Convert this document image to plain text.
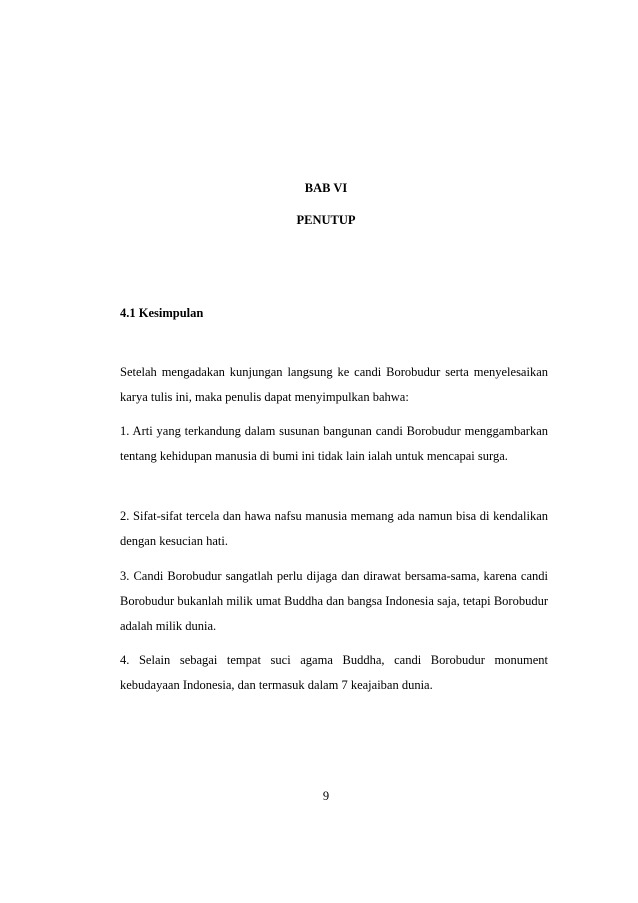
BAB VI
PENUTUP
4.1 Kesimpulan
Setelah mengadakan kunjungan langsung ke candi Borobudur serta menyelesaikan karya tulis ini, maka penulis dapat menyimpulkan bahwa:
1. Arti yang terkandung dalam susunan bangunan candi Borobudur menggambarkan tentang kehidupan manusia di bumi ini tidak lain ialah untuk mencapai surga.
2. Sifat-sifat tercela dan hawa nafsu manusia memang ada namun bisa di kendalikan dengan kesucian hati.
3. Candi Borobudur sangatlah perlu dijaga dan dirawat bersama-sama, karena candi Borobudur bukanlah milik umat Buddha dan bangsa Indonesia saja, tetapi Borobudur adalah milik dunia.
4. Selain sebagai tempat suci agama Buddha, candi Borobudur monument kebudayaan Indonesia, dan termasuk dalam 7 keajaiban dunia.
9
